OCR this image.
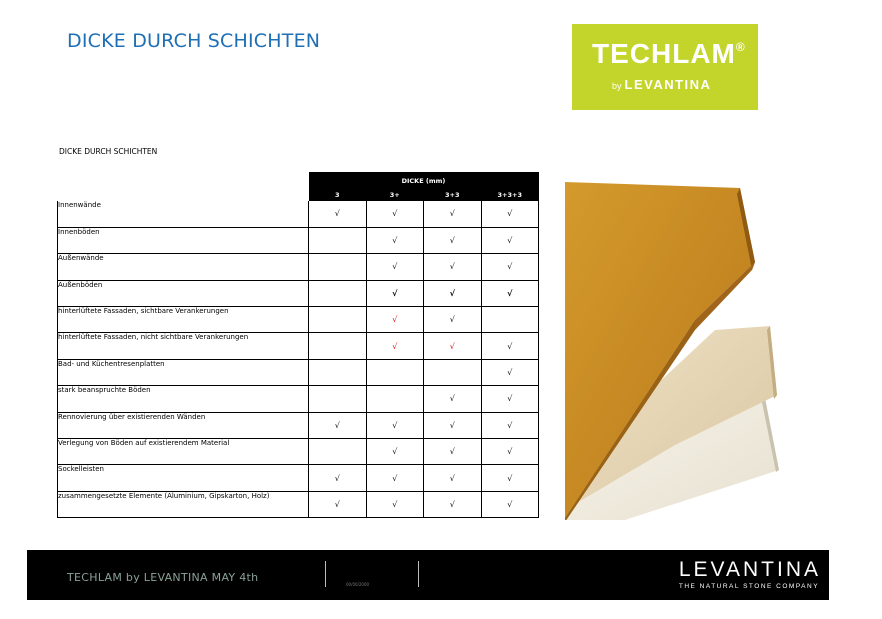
DICKE DURCH SCHICHTEN	TECHLAM®
by LEVANTINA
DICKE DURCH SCHICHTEN
	DICKE (mm)			
	3	3+	3+3	3+3+3
Innenwände	√	√	√	√
Innenböden		√	√	√
Außenwände		√	√	√
Außenböden		√	√	√
hinterlüftete Fassaden, sichtbare Verankerungen		√	√	
hinterlüftete Fassaden, nicht sichtbare Verankerungen		√	√	√
Bad- und Küchentresenplatten				√
stark beanspruchte Böden			√	√
Rennovierung über existierenden Wänden	√	√	√	√
Verlegung von Böden auf existierendem Material		√	√	√
Sockelleisten	√	√	√	√
zusammengesetzte Elemente (Aluminium, Gipskarton, Holz)	√	√	√	√
TECHLAM by LEVANTINA MAY 4th
00/00/2000
LEVANTINA
THE NATURAL STONE COMPANY
